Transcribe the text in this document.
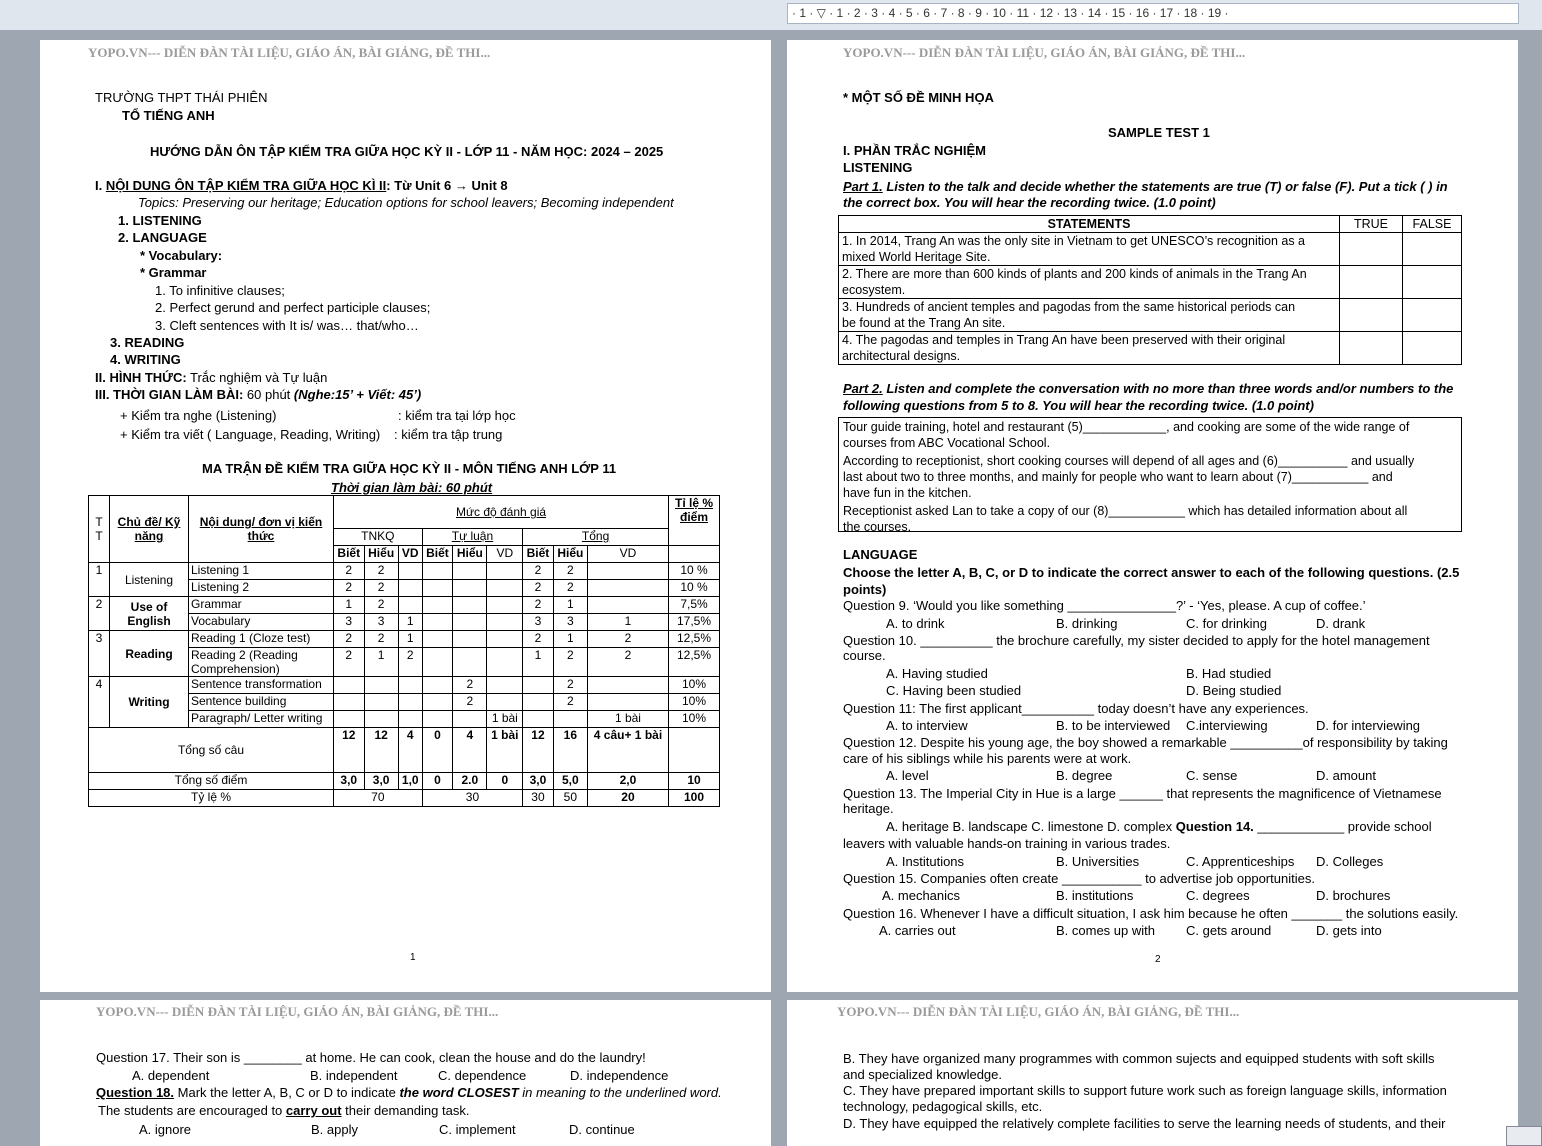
· 1 · ▽ · 1 · 2 · 3 · 4 · 5 · 6 · 7 · 8 · 9 · 10 · 11 · 12 · 13 · 14 · 15 · 16 · 17 · 18 · 19 ·
YOPO.VN--- DIỄN ĐÀN TÀI LIỆU, GIÁO ÁN, BÀI GIẢNG, ĐỀ THI...
TRƯỜNG THPT THÁI PHIÊN
TỔ TIẾNG ANH
HƯỚNG DẪN ÔN TẬP KIỂM TRA GIỮA HỌC KỲ II - LỚP 11 - NĂM HỌC: 2024 – 2025
I. NỘI DUNG ÔN TẬP KIỂM TRA GIỮA HỌC KÌ II: Từ Unit 6 → Unit 8
Topics: Preserving our heritage; Education options for school leavers; Becoming independent
1. LISTENING
2. LANGUAGE
* Vocabulary:
* Grammar
1. To infinitive clauses;
2. Perfect gerund and perfect participle clauses;
3. Cleft sentences with It is/ was… that/who…
3. READING
4. WRITING
II. HÌNH THỨC: Trắc nghiệm và Tự luận
III. THỜI GIAN LÀM BÀI: 60 phút (Nghe:15’ + Viết: 45’)
+ Kiểm tra nghe (Listening)	: kiểm tra tại lớp học
+ Kiểm tra viết ( Language, Reading, Writing) : kiểm tra tập trung
MA TRẬN ĐỀ KIỂM TRA GIỮA HỌC KỲ II - MÔN TIẾNG ANH LỚP 11
Thời gian làm bài: 60 phút
T T	Chủ đề/ Kỹ năng	Nội dung/ đơn vị kiến thức	Mức độ đánh giá									Tỉ lệ % điểm
			TNKQ			Tự luận			Tổng			
			Biết	Hiểu	VD	Biết	Hiểu	VD	Biết	Hiểu	VD	
1	Listening	Listening 1	2	2					2	2		10 %
		Listening 2	2	2					2	2		10 %
2	Use of English	Grammar	1	2					2	1		7,5%
		Vocabulary	3	3	1				3	3	1	17,5%
3	Reading	Reading 1 (Cloze test)	2	2	1				2	1	2	12,5%
		Reading 2 (Reading Comprehension)	2	1	2				1	2	2	12,5%
4	Writing	Sentence transformation					2			2		10%
		Sentence building					2			2		10%
		Paragraph/ Letter writing						1 bài			1 bài	10%
Tổng số câu			12	12	4	0	4	1 bài	12	16	4 câu+ 1 bài	
Tổng số điểm			3,0	3,0	1,0	0	2.0	0	3,0	5,0	2,0	10
Tỷ lệ %			70			30			30	50	20	100
1
YOPO.VN--- DIỄN ĐÀN TÀI LIỆU, GIÁO ÁN, BÀI GIẢNG, ĐỀ THI...
* MỘT SỐ ĐỀ MINH HỌA
SAMPLE TEST 1
I. PHẦN TRẮC NGHIỆM
LISTENING
Part 1. Listen to the talk and decide whether the statements are true (T) or false (F). Put a tick ( ) in
the correct box. You will hear the recording twice. (1.0 point)
STATEMENTS	TRUE	FALSE

1. In 2014, Trang An was the only site in Vietnam to get UNESCO’s recognition as a
mixed World Heritage Site.		

2. There are more than 600 kinds of plants and 200 kinds of animals in the Trang An
ecosystem.		

3. Hundreds of ancient temples and pagodas from the same historical periods can
be found at the Trang An site.		

4. The pagodas and temples in Trang An have been preserved with their original
architectural designs.		

Part 2. Listen and complete the conversation with no more than three words and/or numbers to the
following questions from 5 to 8. You will hear the recording twice. (1.0 point)
Tour guide training, hotel and restaurant (5)____________, and cooking are some of the wide range of
courses from ABC Vocational School.
According to receptionist, short cooking courses will depend of all ages and (6)__________ and usually
last about two to three months, and mainly for people who want to learn about (7)___________ and
have fun in the kitchen.
Receptionist asked Lan to take a copy of our (8)___________ which has detailed information about all
the courses.
LANGUAGE
Choose the letter A, B, C, or D to indicate the correct answer to each of the following questions. (2.5
points)
Question 9. ‘Would you like something _______________?’ - ‘Yes, please. A cup of coffee.’
A. to drink	B. drinking	C. for drinking	D. drank
Question 10. __________ the brochure carefully, my sister decided to apply for the hotel management
course.
A. Having studied	B. Had studied
C. Having been studied	D. Being studied
Question 11: The first applicant__________ today doesn’t have any experiences.
A. to interview	B. to be interviewed C.interviewing	D. for interviewing
Question 12. Despite his young age, the boy showed a remarkable __________of responsibility by taking
care of his siblings while his parents were at work.
A. level	B. degree	C. sense	D. amount
Question 13. The Imperial City in Hue is a large ______ that represents the magnificence of Vietnamese
heritage.
A. heritage B. landscape C. limestone D. complex Question 14. ____________ provide school
leavers with valuable hands-on training in various trades.
A. Institutions	B. Universities	C. Apprenticeships D. Colleges
Question 15. Companies often create ___________ to advertise job opportunities.
A. mechanics	B. institutions	C. degrees	D. brochures
Question 16. Whenever I have a difficult situation, I ask him because he often _______ the solutions easily.
A. carries out	B. comes up with C. gets around	D. gets into
2
YOPO.VN--- DIỄN ĐÀN TÀI LIỆU, GIÁO ÁN, BÀI GIẢNG, ĐỀ THI...
Question 17. Their son is ________ at home. He can cook, clean the house and do the laundry!
A. dependent	B. independent	C. dependence	D. independence
Question 18. Mark the letter A, B, C or D to indicate the word CLOSEST in meaning to the underlined word.
The students are encouraged to carry out their demanding task.
A. ignore	B. apply	C. implement	D. continue
YOPO.VN--- DIỄN ĐÀN TÀI LIỆU, GIÁO ÁN, BÀI GIẢNG, ĐỀ THI...
B. They have organized many programmes with common sujects and equipped students with soft skills
and specialized knowledge.
C. They have prepared important skills to support future work such as foreign language skills, information
technology, pedagogical skills, etc.
D. They have equipped the relatively complete facilities to serve the learning needs of students, and their
